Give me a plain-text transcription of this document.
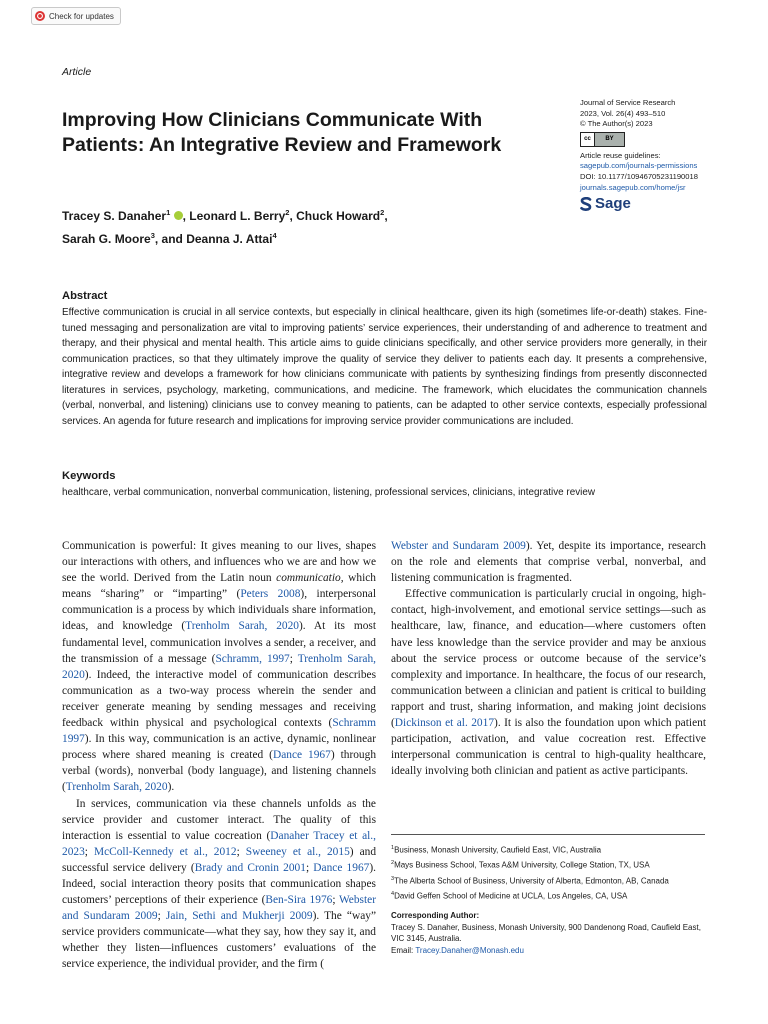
Check for updates
Article
Improving How Clinicians Communicate With Patients: An Integrative Review and Framework
Tracey S. Danaher$^1$ , Leonard L. Berry$^2$, Chuck Howard$^2$,
Sarah G. Moore$^3$, and Deanna J. Attai$^4$
Journal of Service Research
2023, Vol. 26(4) 493–510
© The Author(s) 2023
cc	BY
Article reuse guidelines:
sagepub.com/journals-permissions
DOI: 10.1177/10946705231190018
journals.sagepub.com/home/jsr
Sage
Abstract
Effective communication is crucial in all service contexts, but especially in clinical healthcare, given its high (sometimes life-or-death) stakes. Fine-tuned messaging and personalization are vital to improving patients’ service experiences, their understanding of and adherence to treatment and therapy, and their physical and mental health. This article aims to guide clinicians specifically, and other service providers more generally, in their communication practices, so that they ultimately improve the quality of service they deliver to patients each day. It presents a comprehensive, integrative review and develops a framework for how clinicians communicate with patients by synthesizing findings from presently disconnected literatures in services, psychology, marketing, communications, and medicine. The framework, which elucidates the communication channels (verbal, nonverbal, and listening) clinicians use to convey meaning to patients, can be adapted to other service contexts, especially professional services. An agenda for future research and implications for improving service provider communications are included.
Keywords
healthcare, verbal communication, nonverbal communication, listening, professional services, clinicians, integrative review

Communication is powerful: It gives meaning to our lives, shapes our interactions with others, and influences who we are and how we see the world. Derived from the Latin noun communicatio, which means “sharing” or “imparting” (Peters 2008), interpersonal communication is a process by which individuals share information, ideas, and knowledge (Trenholm Sarah, 2020). At its most fundamental level, communication involves a sender, a receiver, and the transmission of a message (Schramm, 1997; Trenholm Sarah, 2020). Indeed, the interactive model of communication describes communication as a two-way process wherein the sender and receiver generate meaning by sending messages and receiving feedback within physical and psychological contexts (Schramm 1997). In this way, communication is an active, dynamic, nonlinear process where shared meaning is created (Dance 1967) through verbal (words), nonverbal (body language), and listening channels (Trenholm Sarah, 2020).

In services, communication via these channels unfolds as the service provider and customer interact. The quality of this interaction is essential to value cocreation (Danaher Tracey et al., 2023; McColl-Kennedy et al., 2012; Sweeney et al., 2015) and successful service delivery (Brady and Cronin 2001; Dance 1967). Indeed, social interaction theory posits that communication shapes customers’ perceptions of their experience (Ben-Sira 1976; Webster and Sundaram 2009; Jain, Sethi and Mukherji 2009). The “way” service providers communicate—what they say, how they say it, and whether they listen—influences customers’ evaluations of the service experience, the individual provider, and the firm (

Webster and Sundaram 2009). Yet, despite its importance, research on the role and elements that comprise verbal, nonverbal, and listening communication is fragmented.

Effective communication is particularly crucial in ongoing, high-contact, high-involvement, and emotional service settings—such as healthcare, law, finance, and education—where customers often have less knowledge than the service provider and may be anxious about the service process or outcome because of the service’s complexity and importance. In healthcare, the focus of our research, communication between a clinician and patient is critical to building rapport and trust, sharing information, and making joint decisions (Dickinson et al. 2017). It is also the foundation upon which patient participation, activation, and value cocreation rest. Effective interpersonal communication is central to high-quality healthcare, ideally involving both clinician and patient as active participants.

$^1$Business, Monash University, Caufield East, VIC, Australia
$^2$Mays Business School, Texas A&M University, College Station, TX, USA
$^3$The Alberta School of Business, University of Alberta, Edmonton, AB, Canada
$^4$David Geffen School of Medicine at UCLA, Los Angeles, CA, USA
Corresponding Author:
Tracey S. Danaher, Business, Monash University, 900 Dandenong Road, Caufield East, VIC 3145, Australia.
Email: Tracey.Danaher@Monash.edu
